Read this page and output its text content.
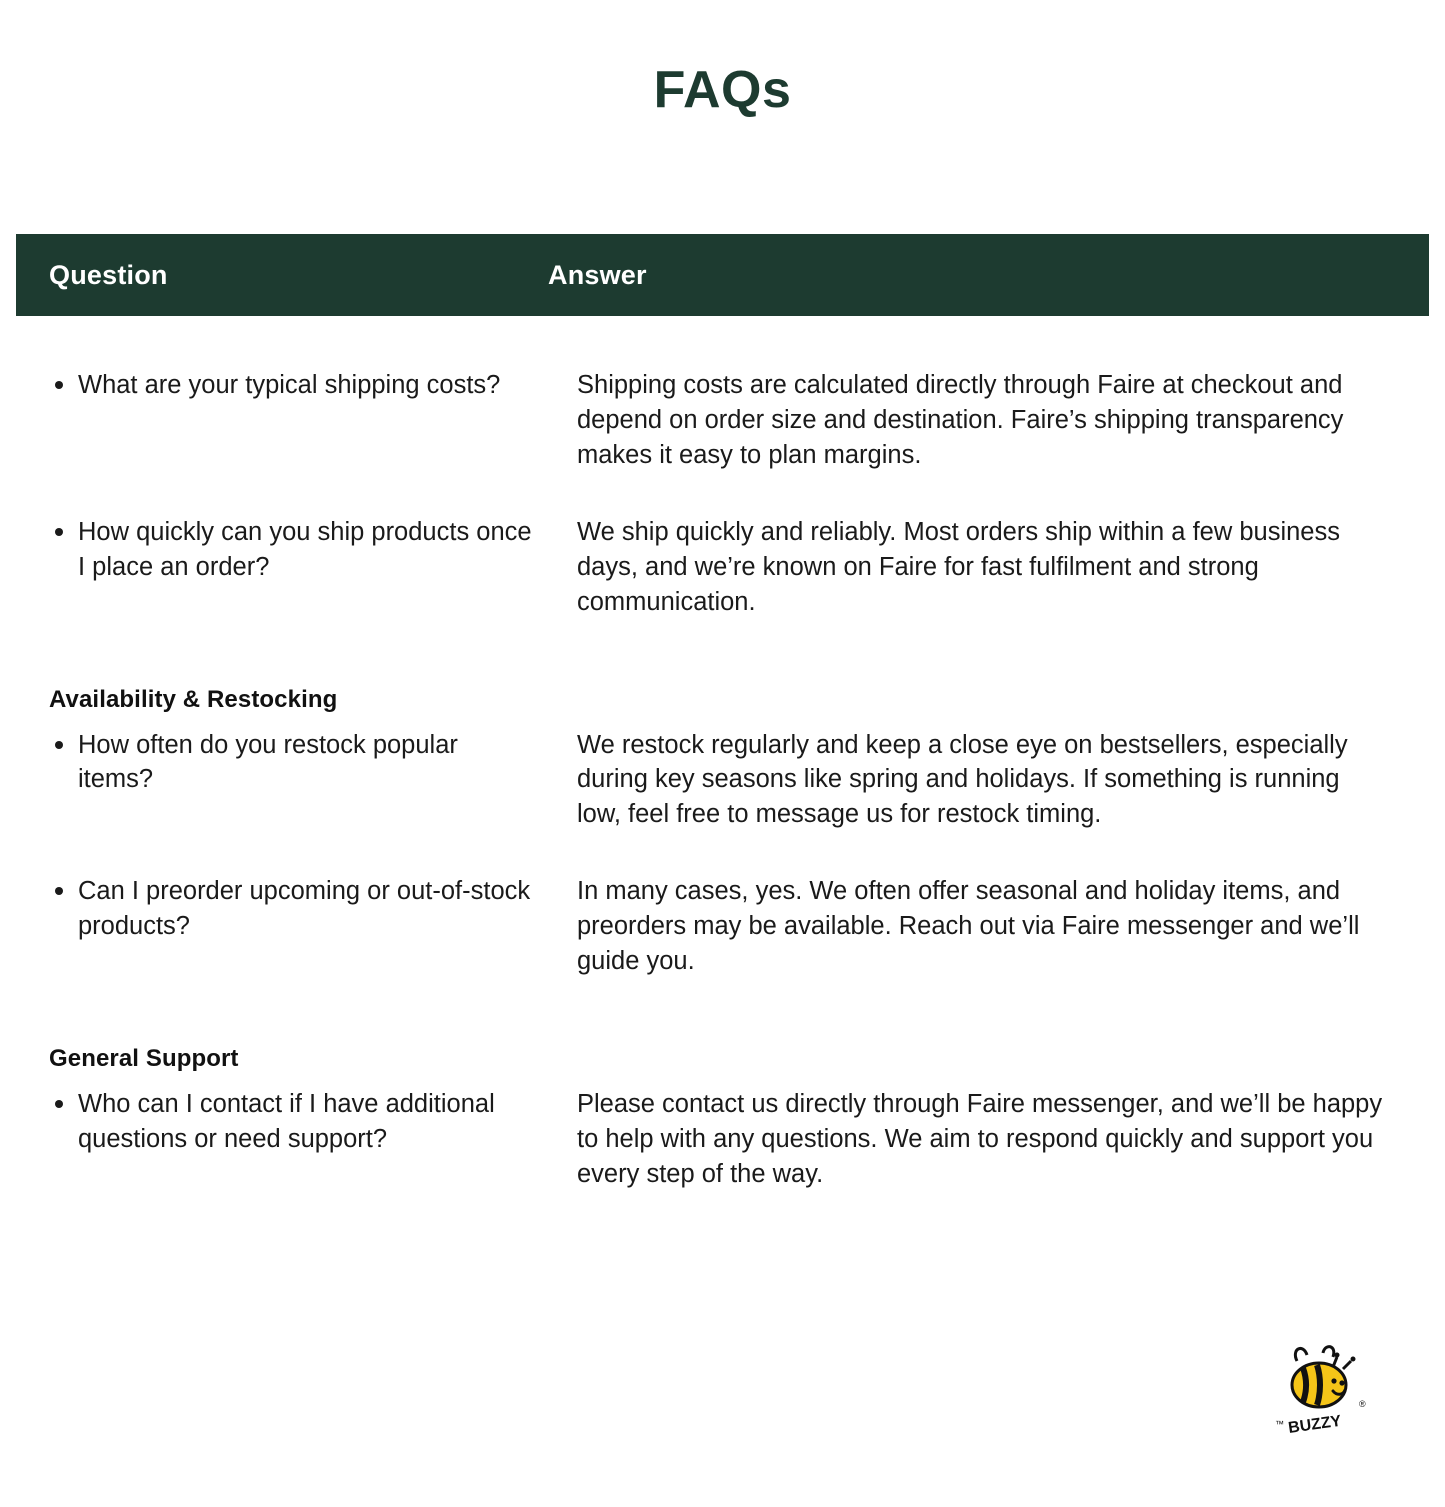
FAQs
Question	Answer
What are your typical shipping costs?	Shipping costs are calculated directly through Faire at checkout and depend on order size and destination. Faire’s shipping transparency makes it easy to plan margins.
How quickly can you ship products once I place an order?
We ship quickly and reliably. Most orders ship within a few business days, and we’re known on Faire for fast fulfilment and strong communication.
Availability & Restocking
How often do you restock popular items?
We restock regularly and keep a close eye on bestsellers, especially during key seasons like spring and holidays. If something is running low, feel free to message us for restock timing.
Can I preorder upcoming or out-of-stock products?
In many cases, yes. We often offer seasonal and holiday items, and preorders may be available. Reach out via Faire messenger and we’ll guide you.
General Support
Who can I contact if I have additional questions or need support?
Please contact us directly through Faire messenger, and we’ll be happy to help with any questions. We aim to respond quickly and support you every step of the way.
BUZZY
™
®
